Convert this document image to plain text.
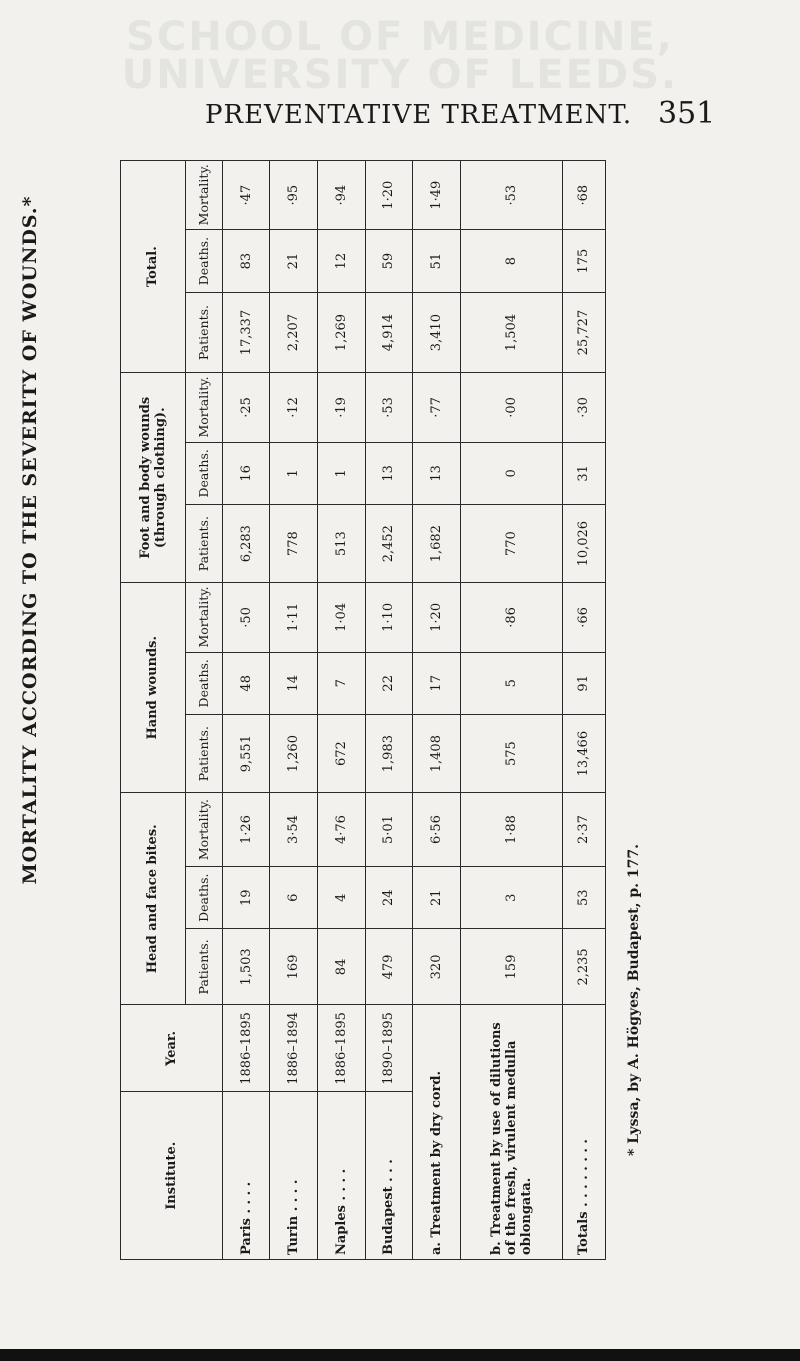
SCHOOL OF MEDICINE,
UNIVERSITY OF LEEDS.
PREVENTATIVE TREATMENT. 351
MORTALITY ACCORDING TO THE SEVERITY OF WOUNDS.*
Institute.	Year.	Head and face bites.			Hand wounds.			Foot and body wounds (through clothing).			Total.		
		Patients.	Deaths.	Mortality.	Patients.	Deaths.	Mortality.	Patients.	Deaths.	Mortality.	Patients.	Deaths.	Mortality.
Paris . . . .	1886–1895	1,503	19	1·26	9,551	48	·50	6,283	16	·25	17,337	83	·47
Turin . . . .	1886–1894	169	6	3·54	1,260	14	1·11	778	1	·12	2,207	21	·95
Naples . . . .	1886–1895	84	4	4·76	672	7	1·04	513	1	·19	1,269	12	·94
Budapest . . .	1890–1895	479	24	5·01	1,983	22	1·10	2,452	13	·53	4,914	59	1·20
a. Treatment by dry cord.		320	21	6·56	1,408	17	1·20	1,682	13	·77	3,410	51	1·49
b. Treatment by use of dilutions of the fresh, virulent medulla oblongata.		159	3	1·88	575	5	·86	770	0	·00	1,504	8	·53
Totals . . . . . . . .		2,235	53	2·37	13,466	91	·66	10,026	31	·30	25,727	175	·68
* Lyssa, by A. Högyes, Budapest, p. 177.
